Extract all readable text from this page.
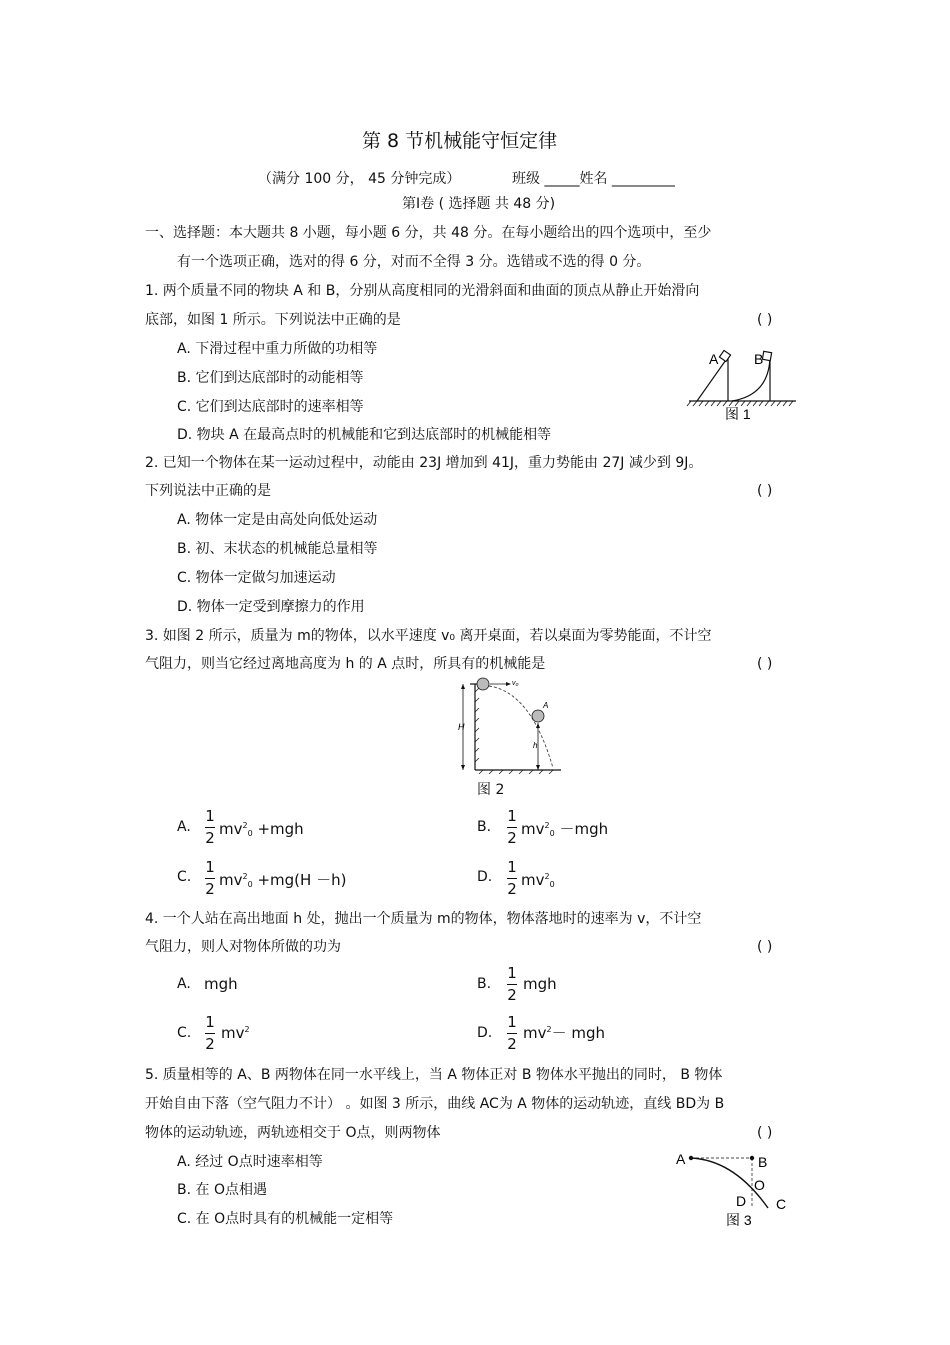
第 8 节机械能守恒定律
（满分 100 分， 45 分钟完成）	班级 _____姓名 _________
第Ⅰ卷 ( 选择题 共 48 分)
一、选择题：本大题共 8 小题，每小题 6 分，共 48 分。在每小题给出的四个选项中，至少
有一个选项正确，选对的得 6 分，对而不全得 3 分。选错或不选的得 0 分。
1. 两个质量不同的物块 A 和 B，分别从高度相同的光滑斜面和曲面的顶点从静止开始滑向
底部，如图 1 所示。下列说法中正确的是	( )
A. 下滑过程中重力所做的功相等
B. 它们到达底部时的动能相等
C. 它们到达底部时的速率相等
D. 物块 A 在最高点时的机械能和它到达底部时的机械能相等
A	B
图 1
2. 已知一个物体在某一运动过程中，动能由 23J 增加到 41J，重力势能由 27J 减少到 9J。
下列说法中正确的是	( )
A. 物体一定是由高处向低处运动
B. 初、末状态的机械能总量相等
C. 物体一定做匀加速运动
D. 物体一定受到摩擦力的作用
3. 如图 2 所示，质量为 m的物体，以水平速度 v₀ 离开桌面，若以桌面为零势能面，不计空
气阻力，则当它经过离地高度为 h 的 A 点时，所具有的机械能是	( )
H
v₀
A
h
图 2
A.
1
2 $mv^2_0 +mgh$	B.
1
2 $mv^2_0 -mgh$
C.
1
2 $mv^2_0 +mg(H -h)$	D.
1
2 $mv^2_0$
4. 一个人站在高出地面 h 处，抛出一个质量为 m的物体，物体落地时的速率为 v，不计空
气阻力，则人对物体所做的功为	( )
A. mgh	B.
1
2
mgh
C.
1
2
$mv^2$	D.
1
2
$mv^2-$ mgh
5. 质量相等的 A、B 两物体在同一水平线上，当 A 物体正对 B 物体水平抛出的同时， B 物体
开始自由下落（空气阻力不计） 。如图 3 所示，曲线 AC为 A 物体的运动轨迹，直线 BD为 B
物体的运动轨迹，两轨迹相交于 O点，则两物体	( )
A. 经过 O点时速率相等
B. 在 O点相遇
C. 在 O点时具有的机械能一定相等
A	B
O
D C
图 3
